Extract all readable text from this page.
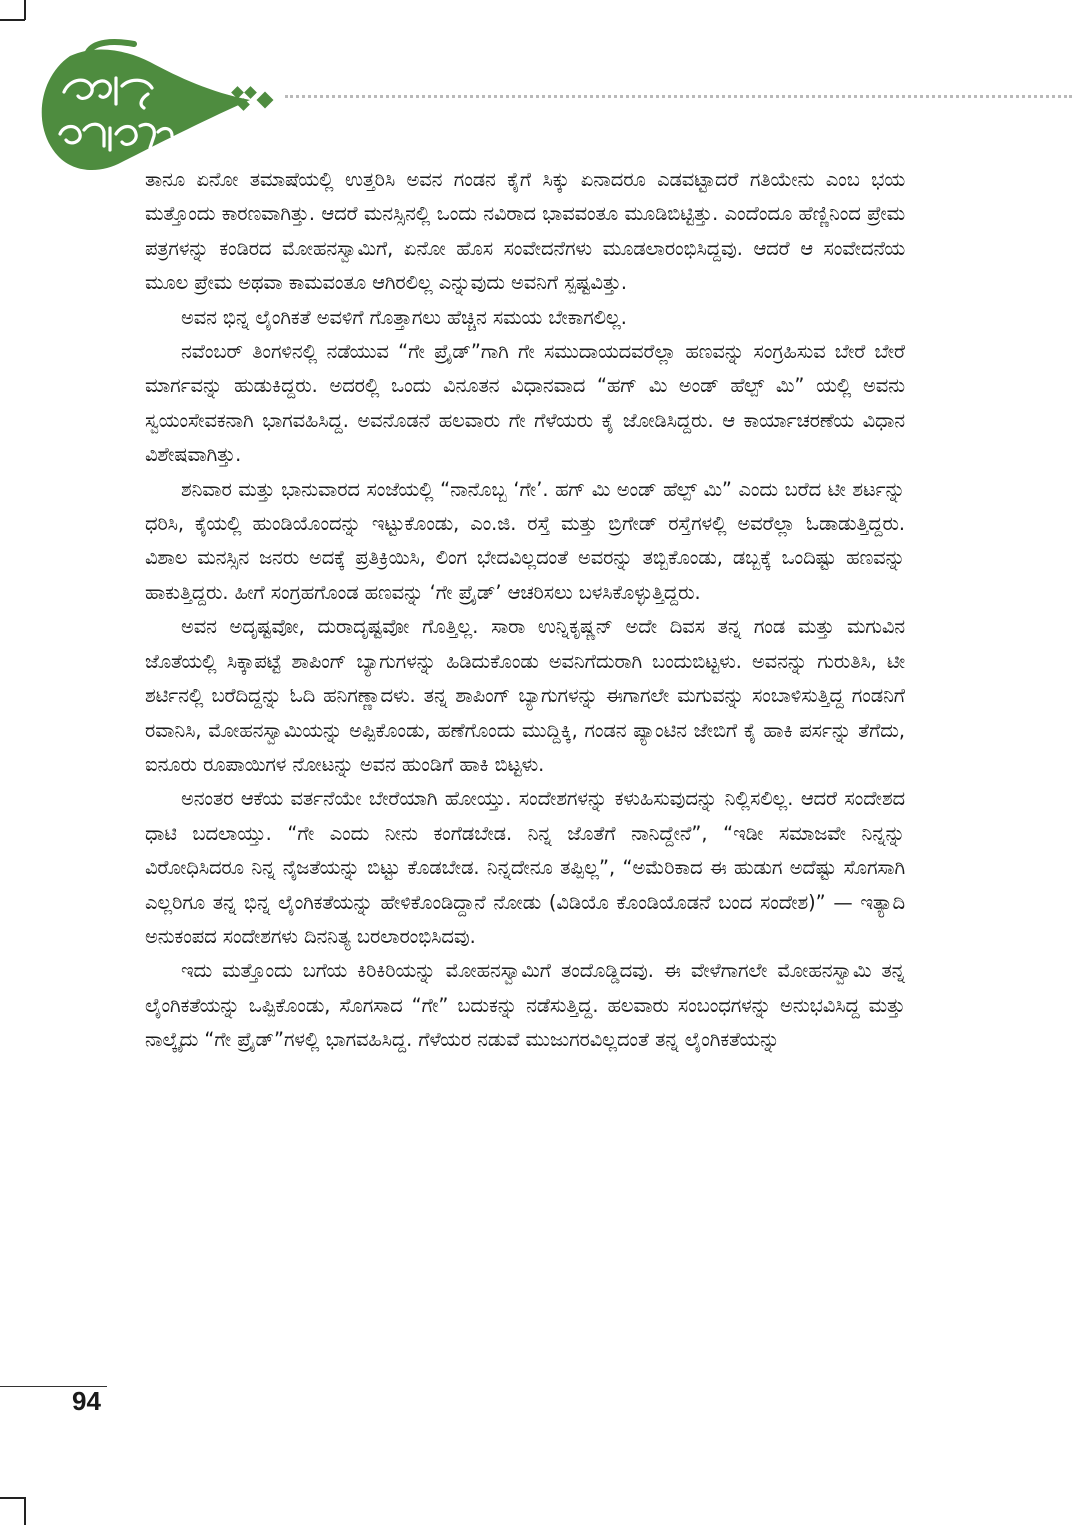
ತಾನೂ ಏನೋ ತಮಾಷೆಯಲ್ಲಿ ಉತ್ತರಿಸಿ ಅವನ ಗಂಡನ ಕೈಗೆ ಸಿಕ್ಕು ಏನಾದರೂ ಎಡವಟ್ಟಾದರೆ ಗತಿಯೇನು ಎಂಬ ಭಯ ಮತ್ತೊಂದು ಕಾರಣವಾಗಿತ್ತು. ಆದರೆ ಮನಸ್ಸಿನಲ್ಲಿ ಒಂದು ನವಿರಾದ ಭಾವವಂತೂ ಮೂಡಿಬಿಟ್ಟಿತ್ತು. ಎಂದೆಂದೂ ಹೆಣ್ಣಿನಿಂದ ಪ್ರೇಮ ಪತ್ರಗಳನ್ನು ಕಂಡಿರದ ಮೋಹನಸ್ವಾಮಿಗೆ, ಏನೋ ಹೊಸ ಸಂವೇದನೆಗಳು ಮೂಡಲಾರಂಭಿಸಿದ್ದವು. ಆದರೆ ಆ ಸಂವೇದನೆಯ ಮೂಲ ಪ್ರೇಮ ಅಥವಾ ಕಾಮವಂತೂ ಆಗಿರಲಿಲ್ಲ ಎನ್ನುವುದು ಅವನಿಗೆ ಸ್ಪಷ್ಟವಿತ್ತು.

ಅವನ ಭಿನ್ನ ಲೈಂಗಿಕತೆ ಅವಳಿಗೆ ಗೊತ್ತಾಗಲು ಹೆಚ್ಚಿನ ಸಮಯ ಬೇಕಾಗಲಿಲ್ಲ.

ನವೆಂಬರ್ ತಿಂಗಳಿನಲ್ಲಿ ನಡೆಯುವ “ಗೇ ಪ್ರೈಡ್”ಗಾಗಿ ಗೇ ಸಮುದಾಯದವರೆಲ್ಲಾ ಹಣವನ್ನು ಸಂಗ್ರಹಿಸುವ ಬೇರೆ ಬೇರೆ ಮಾರ್ಗವನ್ನು ಹುಡುಕಿದ್ದರು. ಅದರಲ್ಲಿ ಒಂದು ವಿನೂತನ ವಿಧಾನವಾದ “ಹಗ್ ಮಿ ಅಂಡ್ ಹೆಲ್ಪ್ ಮಿ” ಯಲ್ಲಿ ಅವನು ಸ್ವಯಂಸೇವಕನಾಗಿ ಭಾಗವಹಿಸಿದ್ದ. ಅವನೊಡನೆ ಹಲವಾರು ಗೇ ಗೆಳೆಯರು ಕೈ ಜೋಡಿಸಿದ್ದರು. ಆ ಕಾರ್ಯಾಚರಣೆಯ ವಿಧಾನ ವಿಶೇಷವಾಗಿತ್ತು.

ಶನಿವಾರ ಮತ್ತು ಭಾನುವಾರದ ಸಂಜೆಯಲ್ಲಿ “ನಾನೊಬ್ಬ ‘ಗೇ’. ಹಗ್ ಮಿ ಅಂಡ್ ಹೆಲ್ಪ್ ಮಿ” ಎಂದು ಬರೆದ ಟೀ ಶರ್ಟನ್ನು ಧರಿಸಿ, ಕೈಯಲ್ಲಿ ಹುಂಡಿಯೊಂದನ್ನು ಇಟ್ಟುಕೊಂಡು, ಎಂ.ಜಿ. ರಸ್ತೆ ಮತ್ತು ಬ್ರಿಗೇಡ್ ರಸ್ತೆಗಳಲ್ಲಿ ಅವರೆಲ್ಲಾ ಓಡಾಡುತ್ತಿದ್ದರು. ವಿಶಾಲ ಮನಸ್ಸಿನ ಜನರು ಅದಕ್ಕೆ ಪ್ರತಿಕ್ರಿಯಿಸಿ, ಲಿಂಗ ಭೇದವಿಲ್ಲದಂತೆ ಅವರನ್ನು ತಬ್ಬಿಕೊಂಡು, ಡಬ್ಬಕ್ಕೆ ಒಂದಿಷ್ಟು ಹಣವನ್ನು ಹಾಕುತ್ತಿದ್ದರು. ಹೀಗೆ ಸಂಗ್ರಹಗೊಂಡ ಹಣವನ್ನು ‘ಗೇ ಪ್ರೈಡ್’ ಆಚರಿಸಲು ಬಳಸಿಕೊಳ್ಳುತ್ತಿದ್ದರು.

ಅವನ ಅದೃಷ್ಟವೋ, ದುರಾದೃಷ್ಟವೋ ಗೊತ್ತಿಲ್ಲ. ಸಾರಾ ಉನ್ನಿಕೃಷ್ಣನ್ ಅದೇ ದಿವಸ ತನ್ನ ಗಂಡ ಮತ್ತು ಮಗುವಿನ ಜೊತೆಯಲ್ಲಿ ಸಿಕ್ಕಾಪಟ್ಟೆ ಶಾಪಿಂಗ್ ಬ್ಯಾಗುಗಳನ್ನು ಹಿಡಿದುಕೊಂಡು ಅವನಿಗೆದುರಾಗಿ ಬಂದುಬಿಟ್ಟಳು. ಅವನನ್ನು ಗುರುತಿಸಿ, ಟೀ ಶರ್ಟಿನಲ್ಲಿ ಬರೆದಿದ್ದನ್ನು ಓದಿ ಹನಿಗಣ್ಣಾದಳು. ತನ್ನ ಶಾಪಿಂಗ್ ಬ್ಯಾಗುಗಳನ್ನು ಈಗಾಗಲೇ ಮಗುವನ್ನು ಸಂಬಾಳಿಸುತ್ತಿದ್ದ ಗಂಡನಿಗೆ ರವಾನಿಸಿ, ಮೋಹನಸ್ವಾಮಿಯನ್ನು ಅಪ್ಪಿಕೊಂಡು, ಹಣೆಗೊಂದು ಮುದ್ದಿಕ್ಕಿ, ಗಂಡನ ಪ್ಯಾಂಟಿನ ಜೇಬಿಗೆ ಕೈ ಹಾಕಿ ಪರ್ಸನ್ನು ತೆಗೆದು, ಐನೂರು ರೂಪಾಯಿಗಳ ನೋಟನ್ನು ಅವನ ಹುಂಡಿಗೆ ಹಾಕಿ ಬಿಟ್ಟಳು.

ಅನಂತರ ಆಕೆಯ ವರ್ತನೆಯೇ ಬೇರೆಯಾಗಿ ಹೋಯ್ತು. ಸಂದೇಶಗಳನ್ನು ಕಳುಹಿಸುವುದನ್ನು ನಿಲ್ಲಿಸಲಿಲ್ಲ. ಆದರೆ ಸಂದೇಶದ ಧಾಟಿ ಬದಲಾಯ್ತು. “ಗೇ ಎಂದು ನೀನು ಕಂಗೆಡಬೇಡ. ನಿನ್ನ ಜೊತೆಗೆ ನಾನಿದ್ದೇನೆ”, “ಇಡೀ ಸಮಾಜವೇ ನಿನ್ನನ್ನು ವಿರೋಧಿಸಿದರೂ ನಿನ್ನ ನೈಜತೆಯನ್ನು ಬಿಟ್ಟು ಕೊಡಬೇಡ. ನಿನ್ನದೇನೂ ತಪ್ಪಿಲ್ಲ”, “ಅಮೆರಿಕಾದ ಈ ಹುಡುಗ ಅದೆಷ್ಟು ಸೊಗಸಾಗಿ ಎಲ್ಲರಿಗೂ ತನ್ನ ಭಿನ್ನ ಲೈಂಗಿಕತೆಯನ್ನು ಹೇಳಿಕೊಂಡಿದ್ದಾನೆ ನೋಡು (ವಿಡಿಯೊ ಕೊಂಡಿಯೊಡನೆ ಬಂದ ಸಂದೇಶ)” — ಇತ್ಯಾದಿ ಅನುಕಂಪದ ಸಂದೇಶಗಳು ದಿನನಿತ್ಯ ಬರಲಾರಂಭಿಸಿದವು.

ಇದು ಮತ್ತೊಂದು ಬಗೆಯ ಕಿರಿಕಿರಿಯನ್ನು ಮೋಹನಸ್ವಾಮಿಗೆ ತಂದೊಡ್ಡಿದವು. ಈ ವೇಳೆಗಾಗಲೇ ಮೋಹನಸ್ವಾಮಿ ತನ್ನ ಲೈಂಗಿಕತೆಯನ್ನು ಒಪ್ಪಿಕೊಂಡು, ಸೊಗಸಾದ “ಗೇ” ಬದುಕನ್ನು ನಡೆಸುತ್ತಿದ್ದ. ಹಲವಾರು ಸಂಬಂಧಗಳನ್ನು ಅನುಭವಿಸಿದ್ದ ಮತ್ತು ನಾಲ್ಕೈದು “ಗೇ ಪ್ರೈಡ್”ಗಳಲ್ಲಿ ಭಾಗವಹಿಸಿದ್ದ. ಗೆಳೆಯರ ನಡುವೆ ಮುಜುಗರವಿಲ್ಲದಂತೆ ತನ್ನ ಲೈಂಗಿಕತೆಯನ್ನು

94
